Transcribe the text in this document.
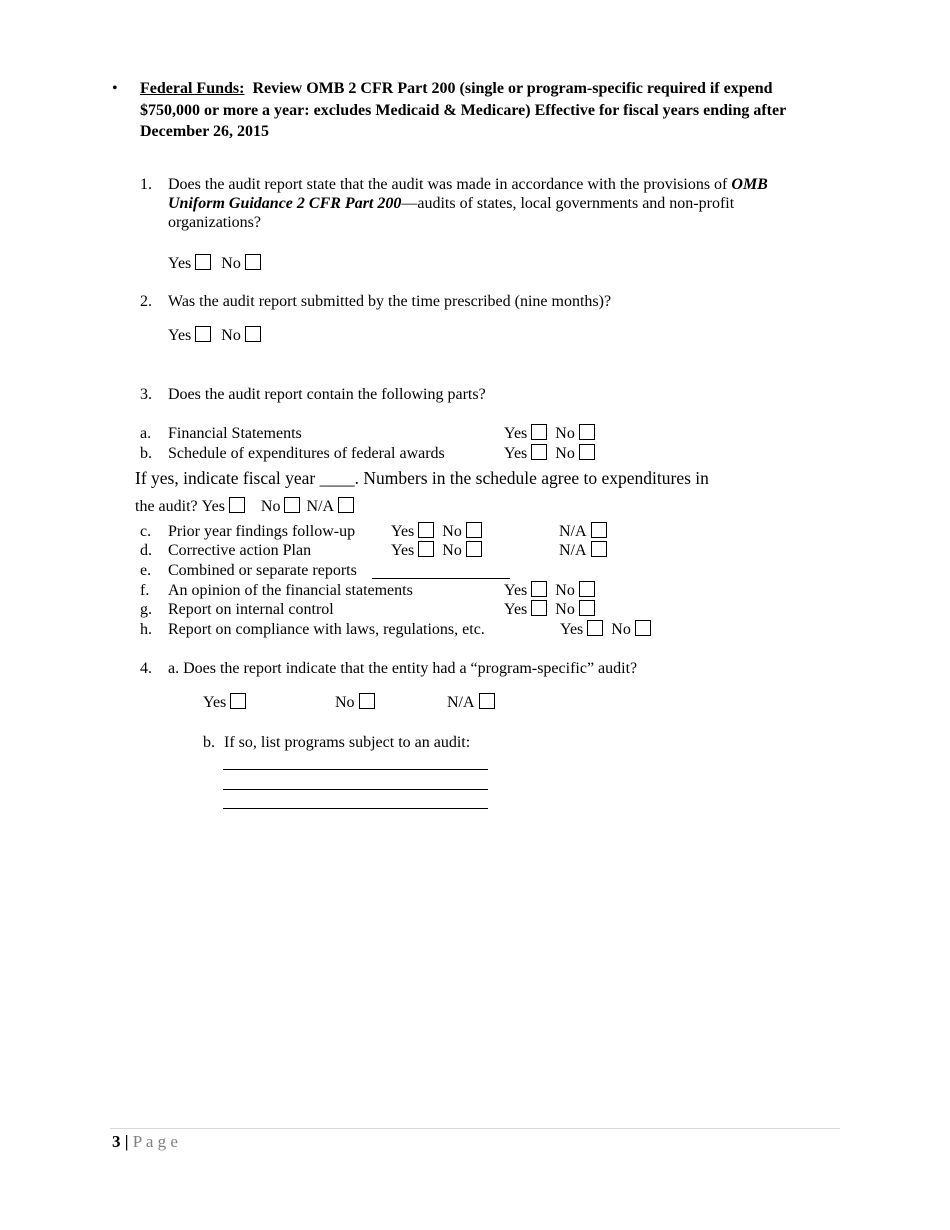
• Federal Funds: Review OMB 2 CFR Part 200 (single or program-specific required if expend
$750,000 or more a year: excludes Medicaid & Medicare) Effective for fiscal years ending after
December 26, 2015
1. Does the audit report state that the audit was made in accordance with the provisions of OMB
Uniform Guidance 2 CFR Part 200—audits of states, local governments and non-profit
organizations?
Yes No
2. Was the audit report submitted by the time prescribed (nine months)?
Yes No
3. Does the audit report contain the following parts?
a. Financial Statements	Yes No
b. Schedule of expenditures of federal awards	Yes No
If yes, indicate fiscal year ____. Numbers in the schedule agree to expenditures in
the audit? Yes No N/A
c. Prior year findings follow-up Yes No	N/A
d. Corrective action Plan	Yes No	N/A
e. Combined or separate reports
f. An opinion of the financial statements	Yes No
g. Report on internal control	Yes No
h. Report on compliance with laws, regulations, etc.	Yes No
4. a. Does the report indicate that the entity had a “program-specific” audit?
Yes	No	N/A
b. If so, list programs subject to an audit:
3 | P a g e
